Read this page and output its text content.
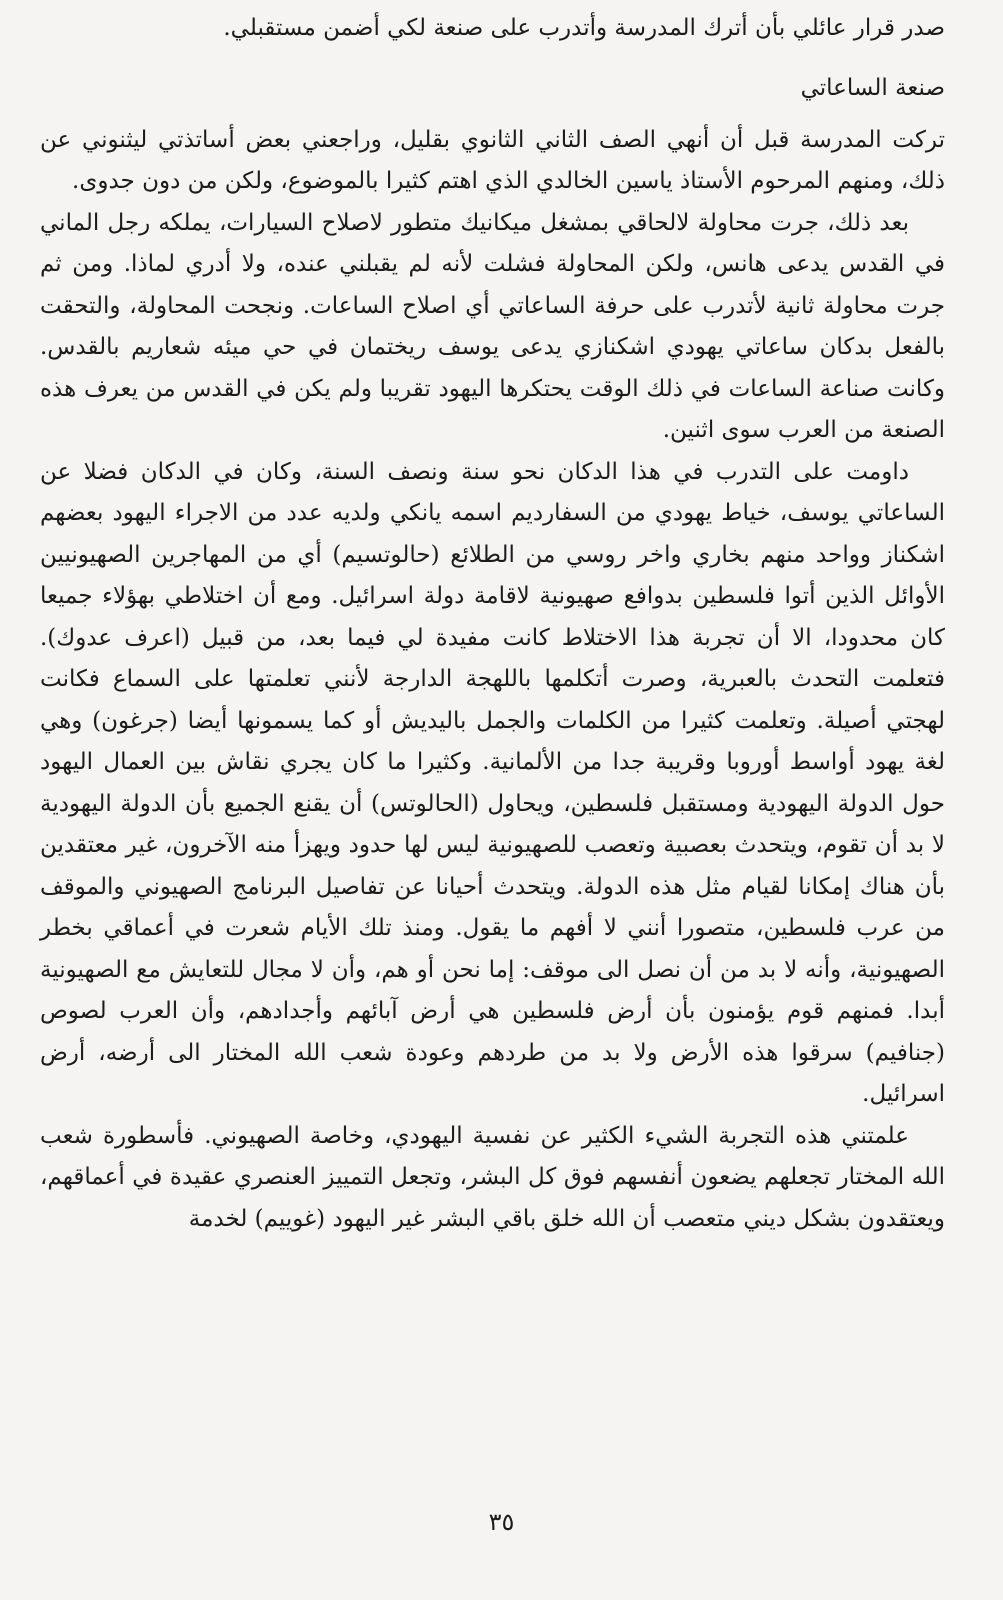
صدر قرار عائلي بأن أترك المدرسة وأتدرب على صنعة لكي أضمن مستقبلي.

صنعة الساعاتي

تركت المدرسة قبل أن أنهي الصف الثاني الثانوي بقليل، وراجعني بعض أساتذتي ليثنوني عن ذلك، ومنهم المرحوم الأستاذ ياسين الخالدي الذي اهتم كثيرا بالموضوع، ولكن من دون جدوى.

بعد ذلك، جرت محاولة لالحاقي بمشغل ميكانيك متطور لاصلاح السيارات، يملكه رجل الماني في القدس يدعى هانس، ولكن المحاولة فشلت لأنه لم يقبلني عنده، ولا أدري لماذا. ومن ثم جرت محاولة ثانية لأتدرب على حرفة الساعاتي أي اصلاح الساعات. ونجحت المحاولة، والتحقت بالفعل بدكان ساعاتي يهودي اشكنازي يدعى يوسف ريختمان في حي ميئه شعاريم بالقدس. وكانت صناعة الساعات في ذلك الوقت يحتكرها اليهود تقريبا ولم يكن في القدس من يعرف هذه الصنعة من العرب سوى اثنين.

داومت على التدرب في هذا الدكان نحو سنة ونصف السنة، وكان في الدكان فضلا عن الساعاتي يوسف، خياط يهودي من السفارديم اسمه يانكي ولديه عدد من الاجراء اليهود بعضهم اشكناز وواحد منهم بخاري واخر روسي من الطلائع (حالوتسيم) أي من المهاجرين الصهيونيين الأوائل الذين أتوا فلسطين بدوافع صهيونية لاقامة دولة اسرائيل. ومع أن اختلاطي بهؤلاء جميعا كان محدودا، الا أن تجربة هذا الاختلاط كانت مفيدة لي فيما بعد، من قبيل (اعرف عدوك). فتعلمت التحدث بالعبرية، وصرت أتكلمها باللهجة الدارجة لأنني تعلمتها على السماع فكانت لهجتي أصيلة. وتعلمت كثيرا من الكلمات والجمل باليديش أو كما يسمونها أيضا (جرغون) وهي لغة يهود أواسط أوروبا وقريبة جدا من الألمانية. وكثيرا ما كان يجري نقاش بين العمال اليهود حول الدولة اليهودية ومستقبل فلسطين، ويحاول (الحالوتس) أن يقنع الجميع بأن الدولة اليهودية لا بد أن تقوم، ويتحدث بعصبية وتعصب للصهيونية ليس لها حدود ويهزأ منه الآخرون، غير معتقدين بأن هناك إمكانا لقيام مثل هذه الدولة. ويتحدث أحيانا عن تفاصيل البرنامج الصهيوني والموقف من عرب فلسطين، متصورا أنني لا أفهم ما يقول. ومنذ تلك الأيام شعرت في أعماقي بخطر الصهيونية، وأنه لا بد من أن نصل الى موقف: إما نحن أو هم، وأن لا مجال للتعايش مع الصهيونية أبدا. فمنهم قوم يؤمنون بأن أرض فلسطين هي أرض آبائهم وأجدادهم، وأن العرب لصوص (جنافيم) سرقوا هذه الأرض ولا بد من طردهم وعودة شعب الله المختار الى أرضه، أرض اسرائيل.

علمتني هذه التجربة الشيء الكثير عن نفسية اليهودي، وخاصة الصهيوني. فأسطورة شعب الله المختار تجعلهم يضعون أنفسهم فوق كل البشر، وتجعل التمييز العنصري عقيدة في أعماقهم، ويعتقدون بشكل ديني متعصب أن الله خلق باقي البشر غير اليهود (غوييم) لخدمة

٣٥
